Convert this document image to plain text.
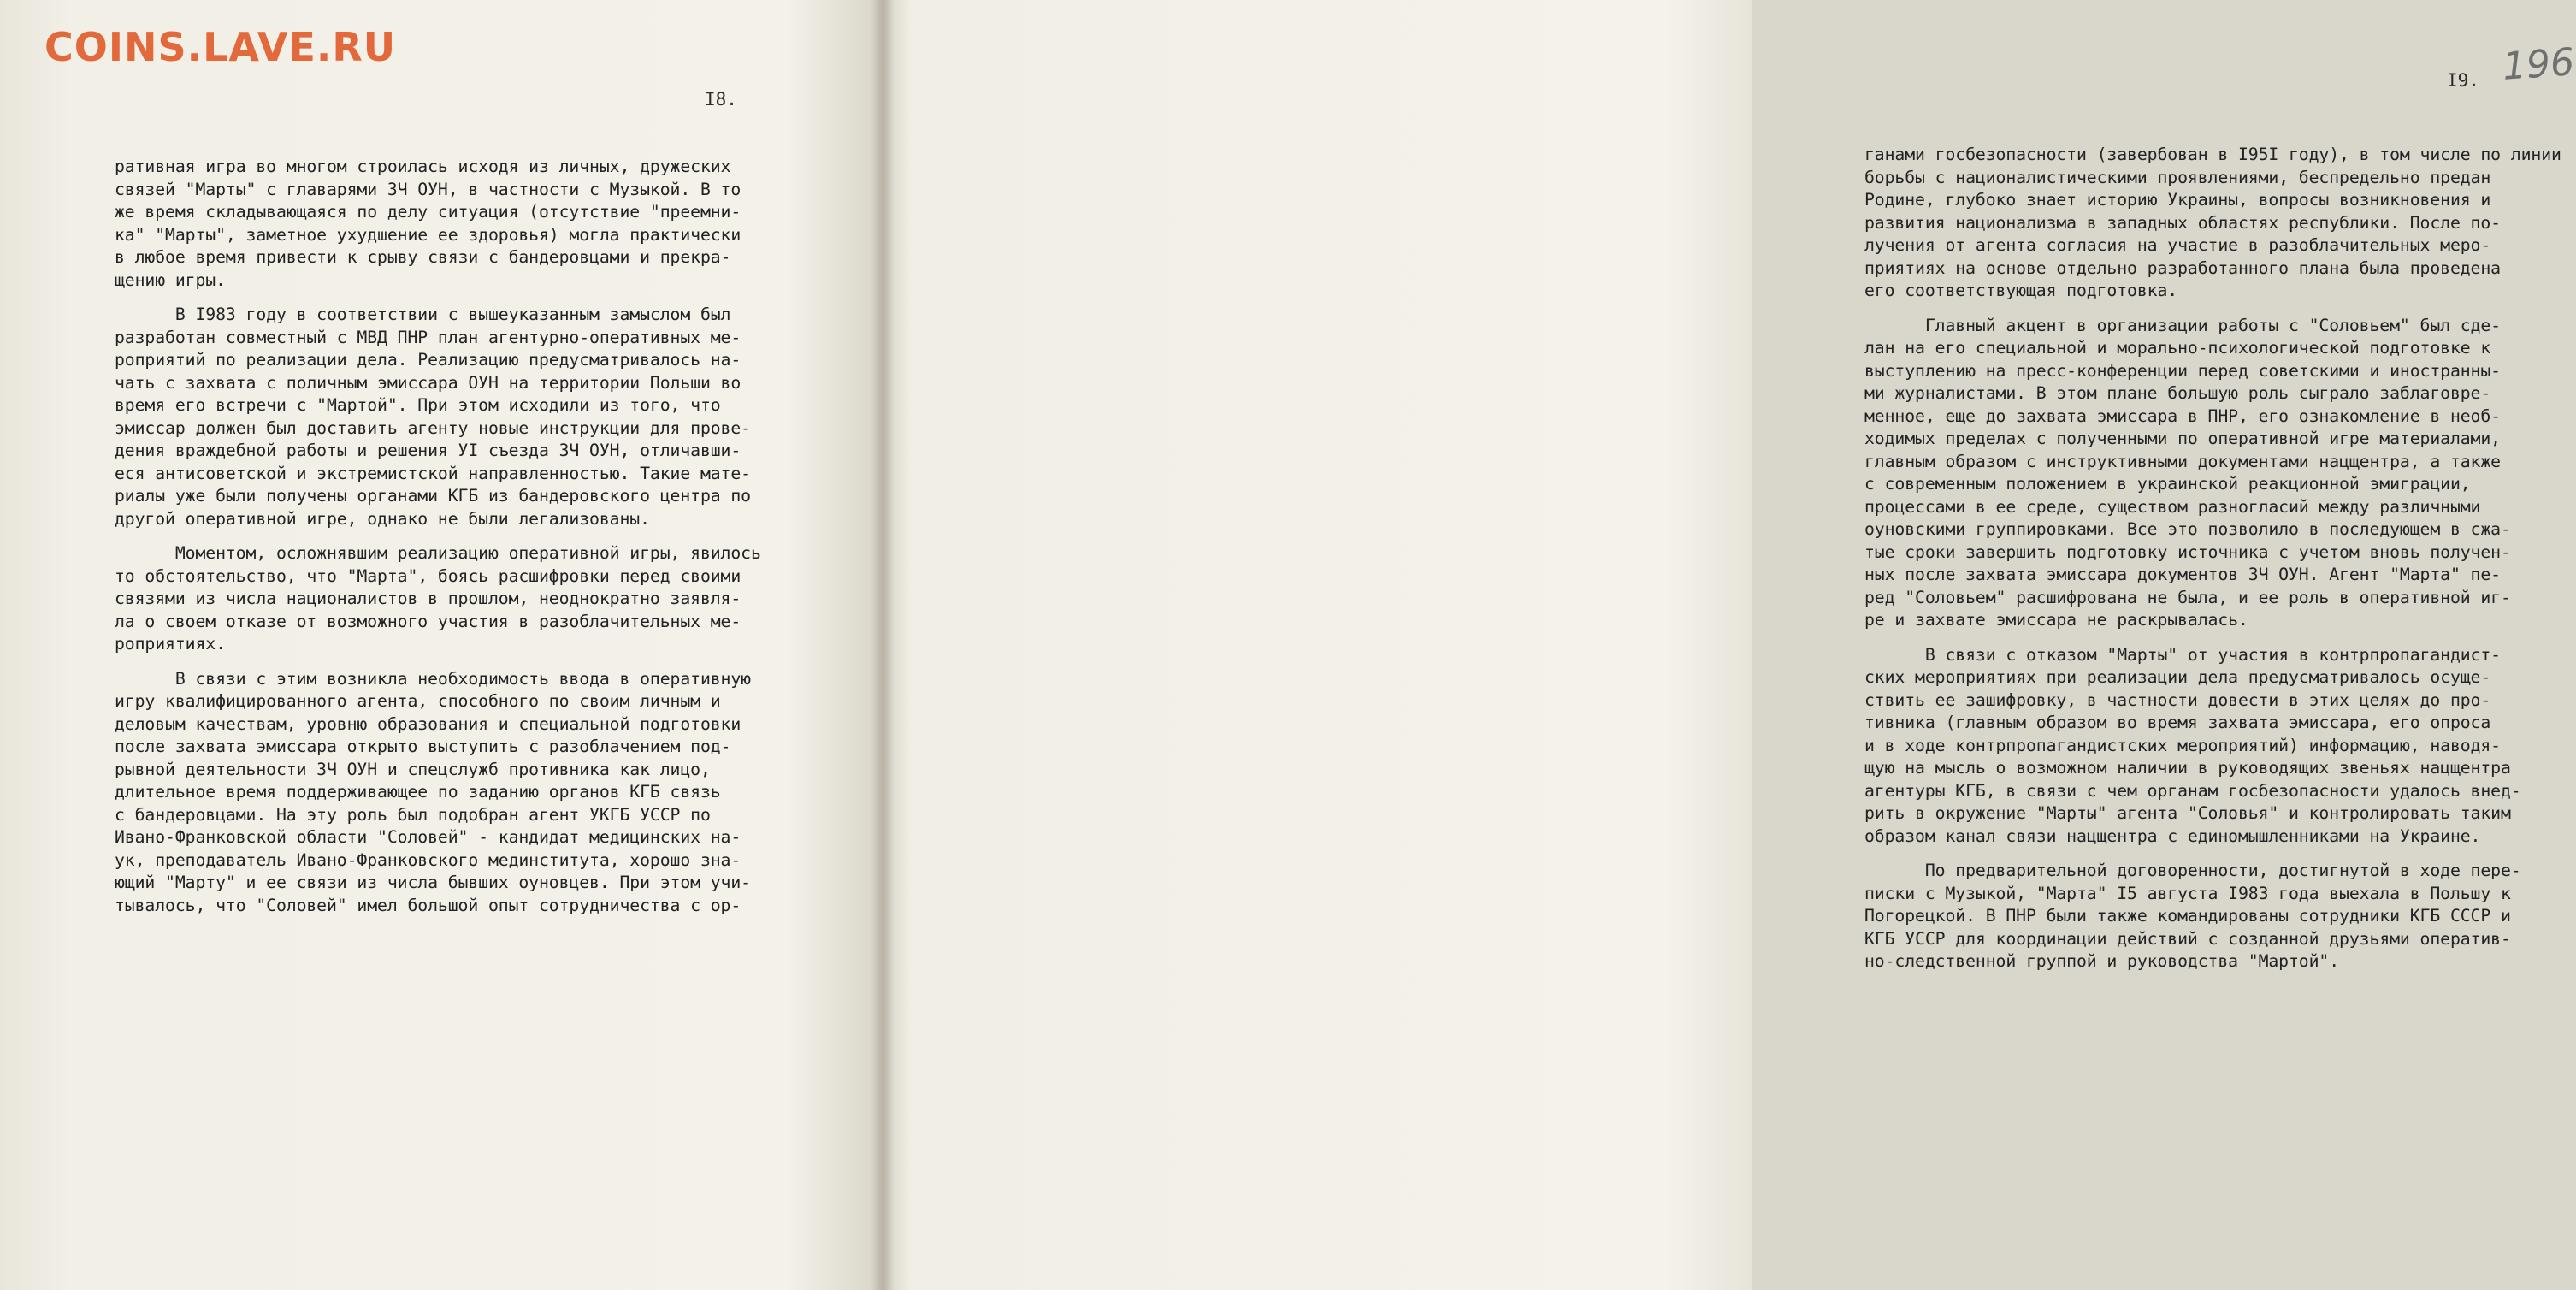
COINS.LAVE.RU
I8.
ративная игра во многом строилась исходя из личных, дружеских
связей "Марты" с главарями ЗЧ ОУН, в частности с Музыкой. В то
же время складывающаяся по делу ситуация (отсутствие "преемни-
ка" "Марты", заметное ухудшение ее здоровья) могла практически
в любое время привести к срыву связи с бандеровцами и прекра-
щению игры.
В I983 году в соответствии с вышеуказанным замыслом был
разработан совместный с МВД ПНР план агентурно-оперативных ме-
роприятий по реализации дела. Реализацию предусматривалось на-
чать с захвата с поличным эмиссара ОУН на территории Польши во
время его встречи с "Мартой". При этом исходили из того, что
эмиссар должен был доставить агенту новые инструкции для прове-
дения враждебной работы и решения УI съезда ЗЧ ОУН, отличавши-
еся антисоветской и экстремистской направленностью. Такие мате-
риалы уже были получены органами КГБ из бандеровского центра по
другой оперативной игре, однако не были легализованы.
Моментом, осложнявшим реализацию оперативной игры, явилось
то обстоятельство, что "Марта", боясь расшифровки перед своими
связями из числа националистов в прошлом, неоднократно заявля-
ла о своем отказе от возможного участия в разоблачительных ме-
роприятиях.
В связи с этим возникла необходимость ввода в оперативную
игру квалифицированного агента, способного по своим личным и
деловым качествам, уровню образования и специальной подготовки
после захвата эмиссара открыто выступить с разоблачением под-
рывной деятельности ЗЧ ОУН и спецслужб противника как лицо,
длительное время поддерживающее по заданию органов КГБ связь
с бандеровцами. На эту роль был подобран агент УКГБ УССР по
Ивано-Франковской области "Соловей" - кандидат медицинских на-
ук, преподаватель Ивано-Франковского мединститута, хорошо зна-
ющий "Марту" и ее связи из числа бывших оуновцев. При этом учи-
тывалось, что "Соловей" имел большой опыт сотрудничества с ор-
196
I9.
ганами госбезопасности (завербован в I95I году), в том числе по линии
борьбы с националистическими проявлениями, беспредельно предан
Родине, глубоко знает историю Украины, вопросы возникновения и
развития национализма в западных областях республики. После по-
лучения от агента согласия на участие в разоблачительных меро-
приятиях на основе отдельно разработанного плана была проведена
его соответствующая подготовка.
Главный акцент в организации работы с "Соловьем" был сде-
лан на его специальной и морально-психологической подготовке к
выступлению на пресс-конференции перед советскими и иностранны-
ми журналистами. В этом плане большую роль сыграло заблаговре-
менное, еще до захвата эмиссара в ПНР, его ознакомление в необ-
ходимых пределах с полученными по оперативной игре материалами,
главным образом с инструктивными документами нацщентра, а также
с современным положением в украинской реакционной эмиграции,
процессами в ее среде, существом разногласий между различными
оуновскими группировками. Все это позволило в последующем в сжа-
тые сроки завершить подготовку источника с учетом вновь получен-
ных после захвата эмиссара документов ЗЧ ОУН. Агент "Марта" пе-
ред "Соловьем" расшифрована не была, и ее роль в оперативной иг-
ре и захвате эмиссара не раскрывалась.
В связи с отказом "Марты" от участия в контрпропагандист-
ских мероприятиях при реализации дела предусматривалось осуще-
ствить ее зашифровку, в частности довести в этих целях до про-
тивника (главным образом во время захвата эмиссара, его опроса
и в ходе контрпропагандистских мероприятий) информацию, наводя-
щую на мысль о возможном наличии в руководящих звеньях нацщентра
агентуры КГБ, в связи с чем органам госбезопасности удалось внед-
рить в окружение "Марты" агента "Соловья" и контролировать таким
образом канал связи нацщентра с единомышленниками на Украине.
По предварительной договоренности, достигнутой в ходе пере-
писки с Музыкой, "Марта" I5 августа I983 года выехала в Польшу к
Погорецкой. В ПНР были также командированы сотрудники КГБ СССР и
КГБ УССР для координации действий с созданной друзьями оператив-
но-следственной группой и руководства "Мартой".
